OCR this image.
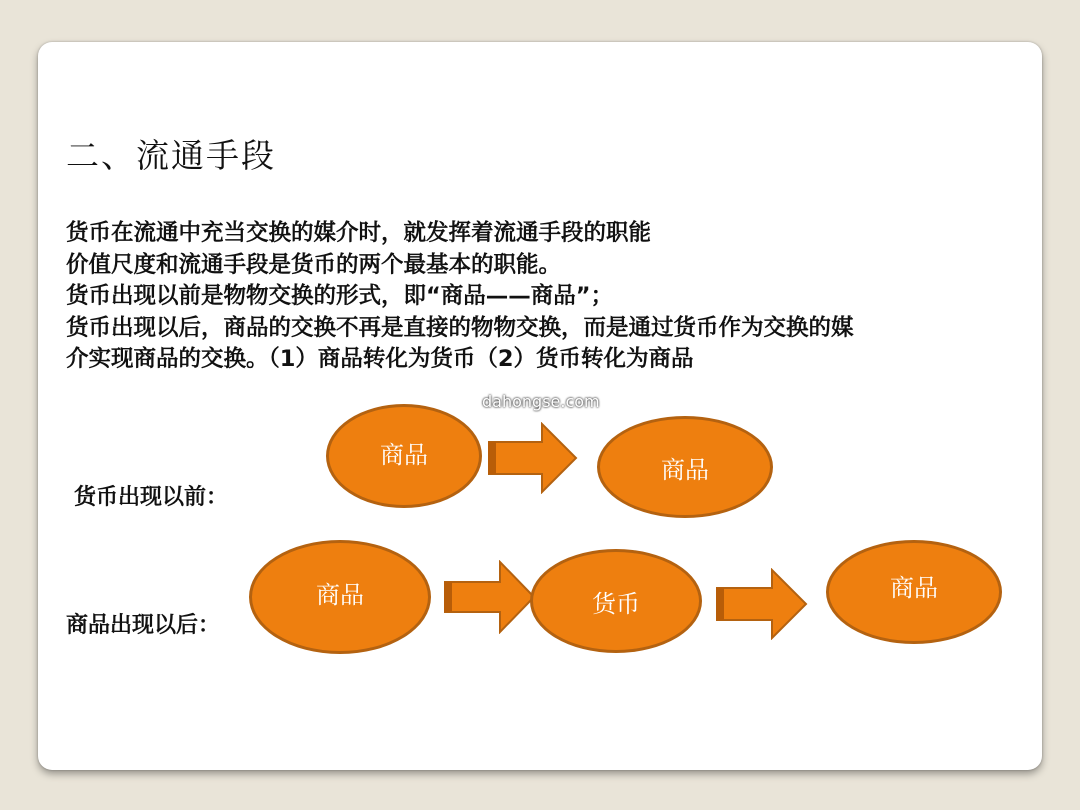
二、流通手段
货币在流通中充当交换的媒介时，就发挥着流通手段的职能
价值尺度和流通手段是货币的两个最基本的职能。
货币出现以前是物物交换的形式，即“商品——商品”；
货币出现以后，商品的交换不再是直接的物物交换，而是通过货币作为交换的媒
介实现商品的交换。（1）商品转化为货币（2）货币转化为商品
dahongse.com
货币出现以前：
商品
商品
商品出现以后：
商品	货币
商品
